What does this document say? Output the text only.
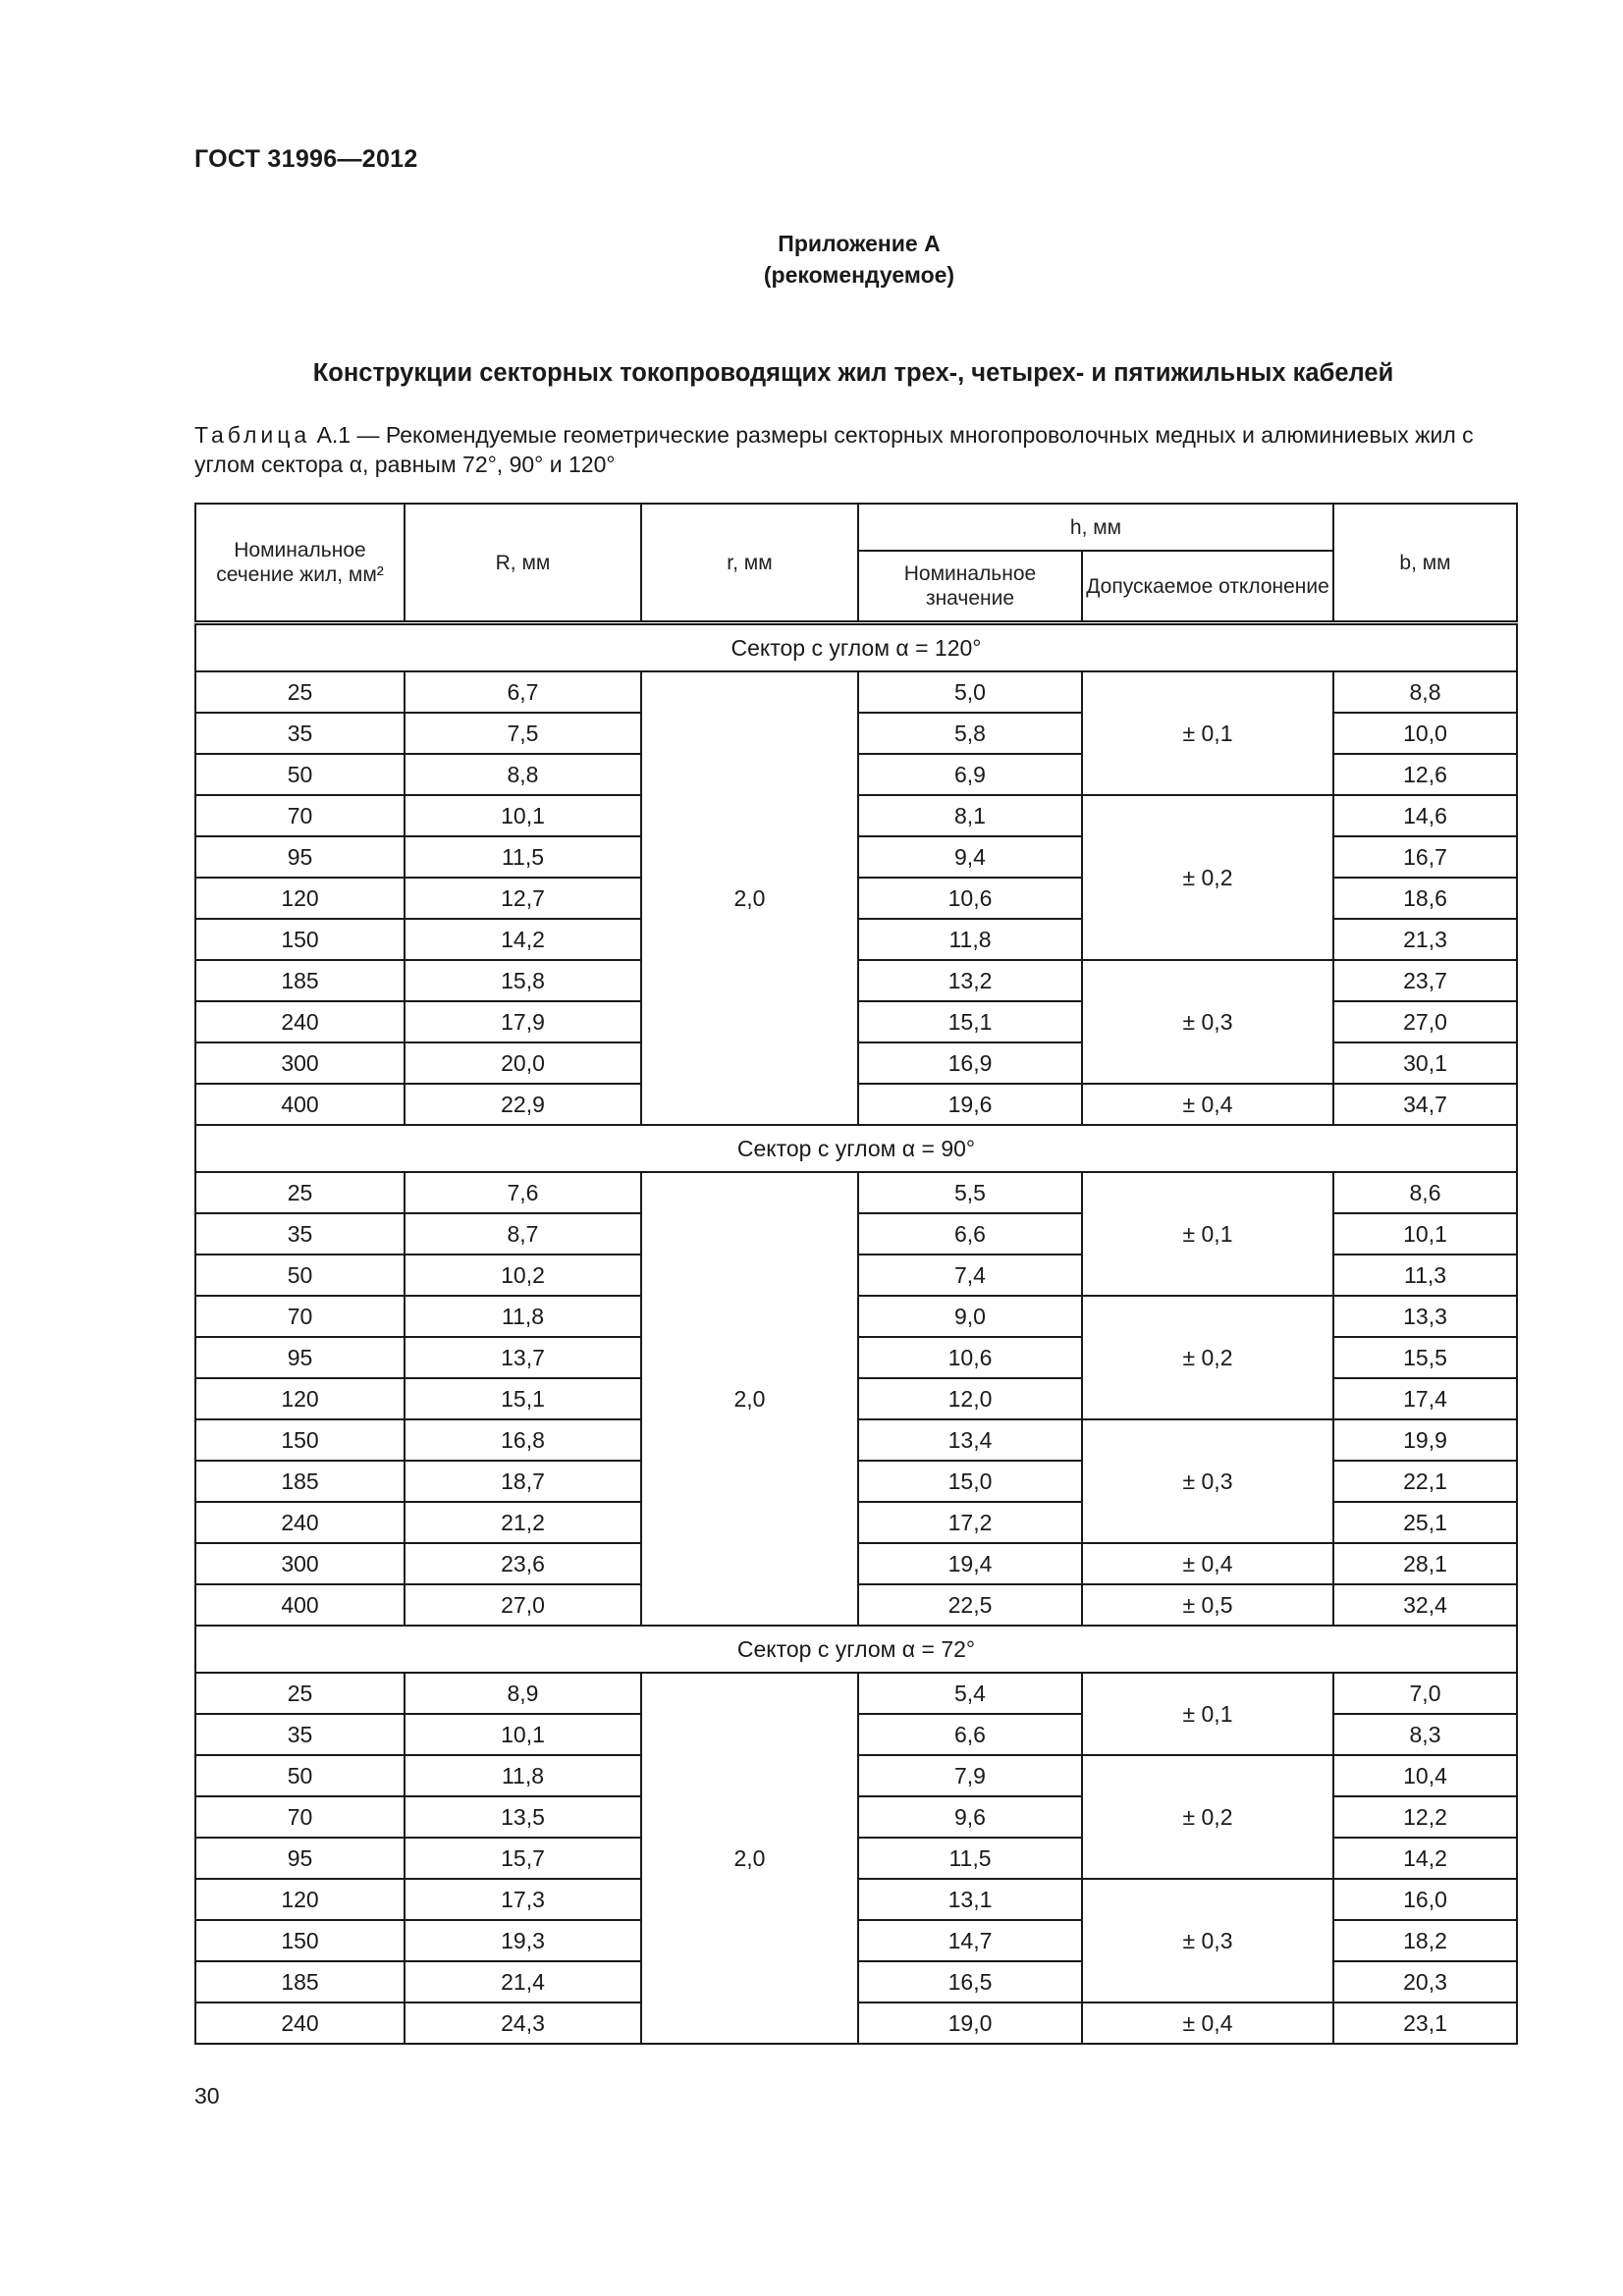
ГОСТ 31996—2012
Приложение А
(рекомендуемое)
Конструкции секторных токопроводящих жил трех-, четырех- и пятижильных кабелей
Таблица А.1 — Рекомендуемые геометрические размеры секторных многопроволочных медных и алюминиевых жил с углом сектора α, равным 72°, 90° и 120°
Номинальное сечение жил, мм²	R, мм	r, мм	h, мм		b, мм
			Номинальное значение	Допускаемое отклонение	
Сектор с углом α = 120°					
25	6,7	2,0	5,0	± 0,1	8,8
35	7,5		5,8		10,0
50	8,8		6,9		12,6
70	10,1		8,1	± 0,2	14,6
95	11,5		9,4		16,7
120	12,7		10,6		18,6
150	14,2		11,8		21,3
185	15,8		13,2	± 0,3	23,7
240	17,9		15,1		27,0
300	20,0		16,9		30,1
400	22,9		19,6	± 0,4	34,7
Сектор с углом α = 90°					
25	7,6	2,0	5,5	± 0,1	8,6
35	8,7		6,6		10,1
50	10,2		7,4		11,3
70	11,8		9,0	± 0,2	13,3
95	13,7		10,6		15,5
120	15,1		12,0		17,4
150	16,8		13,4	± 0,3	19,9
185	18,7		15,0		22,1
240	21,2		17,2		25,1
300	23,6		19,4	± 0,4	28,1
400	27,0		22,5	± 0,5	32,4
Сектор с углом α = 72°					
25	8,9	2,0	5,4	± 0,1	7,0
35	10,1		6,6		8,3
50	11,8		7,9	± 0,2	10,4
70	13,5		9,6		12,2
95	15,7		11,5		14,2
120	17,3		13,1	± 0,3	16,0
150	19,3		14,7		18,2
185	21,4		16,5		20,3
240	24,3		19,0	± 0,4	23,1
30
